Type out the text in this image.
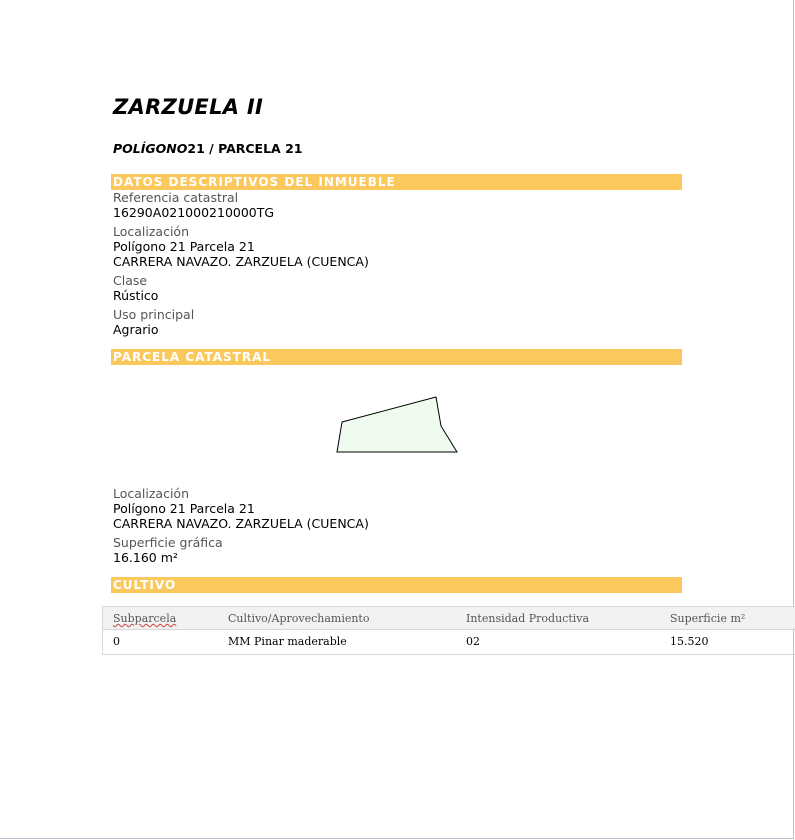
ZARZUELA II
POLÍGONO21 / PARCELA 21
DATOS DESCRIPTIVOS DEL INMUEBLE
Referencia catastral
16290A021000210000TG
Localización
Polígono 21 Parcela 21
CARRERA NAVAZO. ZARZUELA (CUENCA)
Clase
Rústico
Uso principal
Agrario
PARCELA CATASTRAL
Localización
Polígono 21 Parcela 21
CARRERA NAVAZO. ZARZUELA (CUENCA)
Superficie gráfica
16.160 m²
CULTIVO
Subparcela	Cultivo/Aprovechamiento	Intensidad Productiva	Superficie m²
0	MM Pinar maderable	02	15.520
